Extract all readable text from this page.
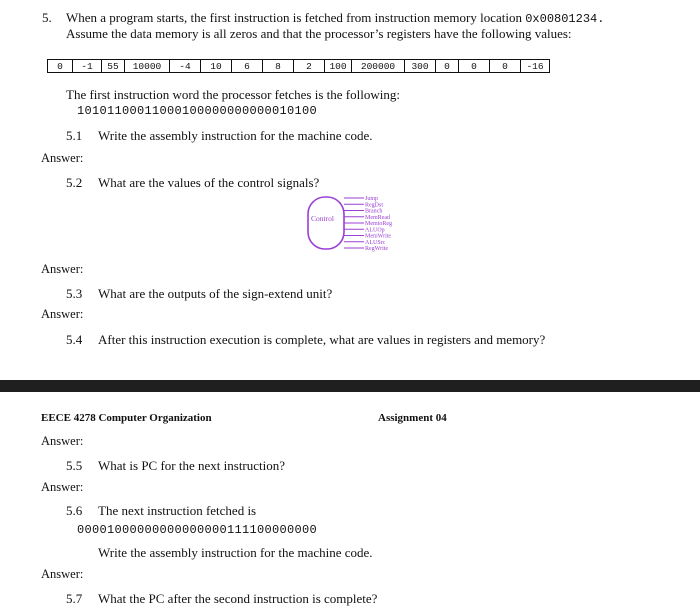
5. When a program starts, the first instruction is fetched from instruction memory location 0x00801234.
Assume the data memory is all zeros and that the processor’s registers have the following values:
0	-1	55	10000	-4	10	6	8	2	100	200000	300	0	0	0	-16
The first instruction word the processor fetches is the following:
10101100011000100000000000010100
5.1 Write the assembly instruction for the machine code.
Answer:
5.2 What are the values of the control signals?
Control
Jump
RegDst
Branch
MemRead
MemtoReg
ALUOp
MemWrite
ALUSrc
RegWrite
Answer:
5.3 What are the outputs of the sign-extend unit?
Answer:
5.4 After this instruction execution is complete, what are values in registers and memory?
EECE 4278 Computer Organization	Assignment 04
Answer:
5.5 What is PC for the next instruction?
Answer:
5.6 The next instruction fetched is
00001000000000000000111100000000
Write the assembly instruction for the machine code.
Answer:
5.7 What the PC after the second instruction is complete?
